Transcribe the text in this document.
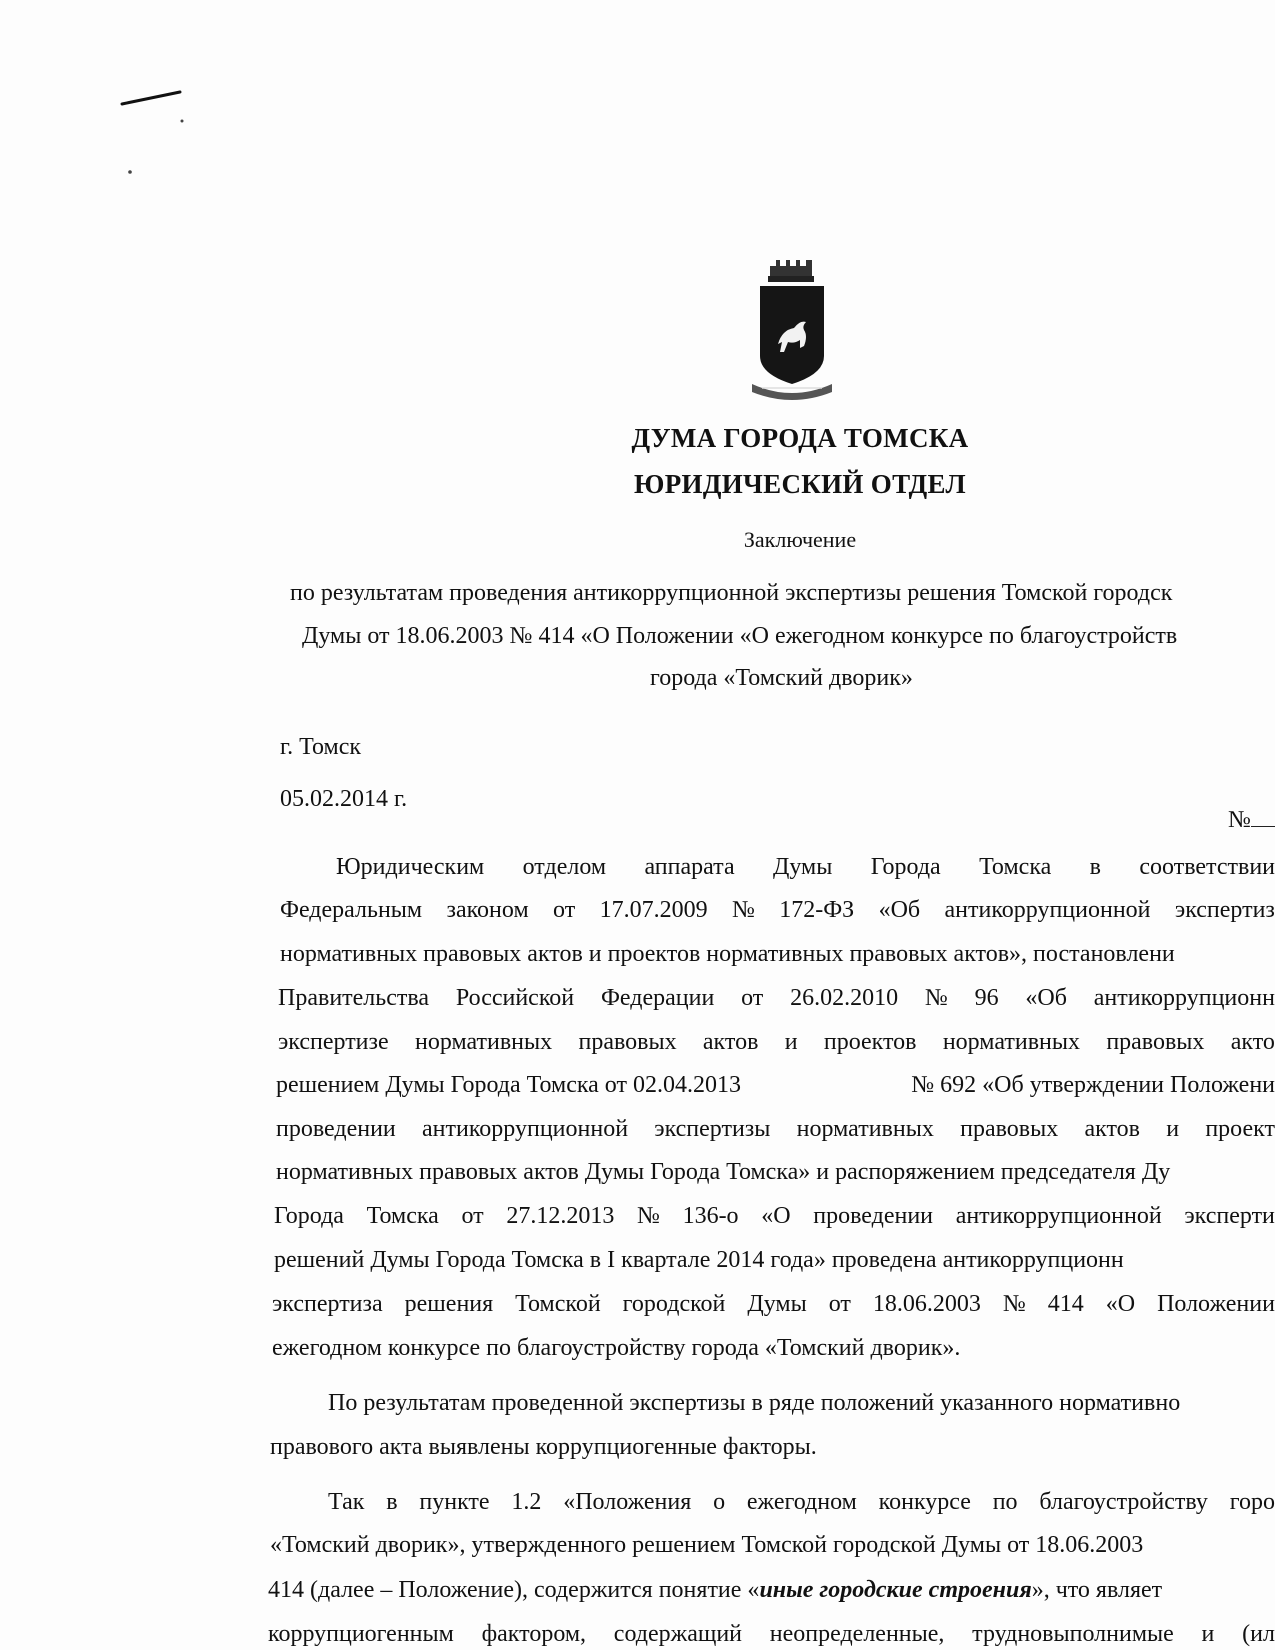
ДУМА ГОРОДА ТОМСКА
ЮРИДИЧЕСКИЙ ОТДЕЛ
Заключение
по результатам проведения антикоррупционной экспертизы решения Томской городск
Думы от 18.06.2003 № 414 «О Положении «О ежегодном конкурсе по благоустройств
города «Томский дворик»
г. Томск
05.02.2014 г.
№
Юридическим отделом аппарата Думы Города Томска в соответствии
Федеральным законом от 17.07.2009 № 172-ФЗ «Об антикоррупционной экспертиз
нормативных правовых актов и проектов нормативных правовых актов», постановлени
Правительства Российской Федерации от 26.02.2010 № 96 «Об антикоррупционн
экспертизе нормативных правовых актов и проектов нормативных правовых акто
решением Думы Города Томска от 02.04.2013	№ 692 «Об утверждении Положени
проведении антикоррупционной экспертизы нормативных правовых актов и проект
нормативных правовых актов Думы Города Томска» и распоряжением председателя Ду
Города Томска от 27.12.2013 № 136-о «О проведении антикоррупционной эксперти
решений Думы Города Томска в I квартале 2014 года» проведена антикоррупционн
экспертиза решения Томской городской Думы от 18.06.2003 № 414 «О Положении
ежегодном конкурсе по благоустройству города «Томский дворик».
По результатам проведенной экспертизы в ряде положений указанного нормативно
правового акта выявлены коррупциогенные факторы.
Так в пункте 1.2 «Положения о ежегодном конкурсе по благоустройству горо
«Томский дворик», утвержденного решением Томской городской Думы от 18.06.2003
414 (далее – Положение), содержится понятие «иные городские строения», что являет
коррупциогенным фактором, содержащий неопределенные, трудновыполнимые и (ил
